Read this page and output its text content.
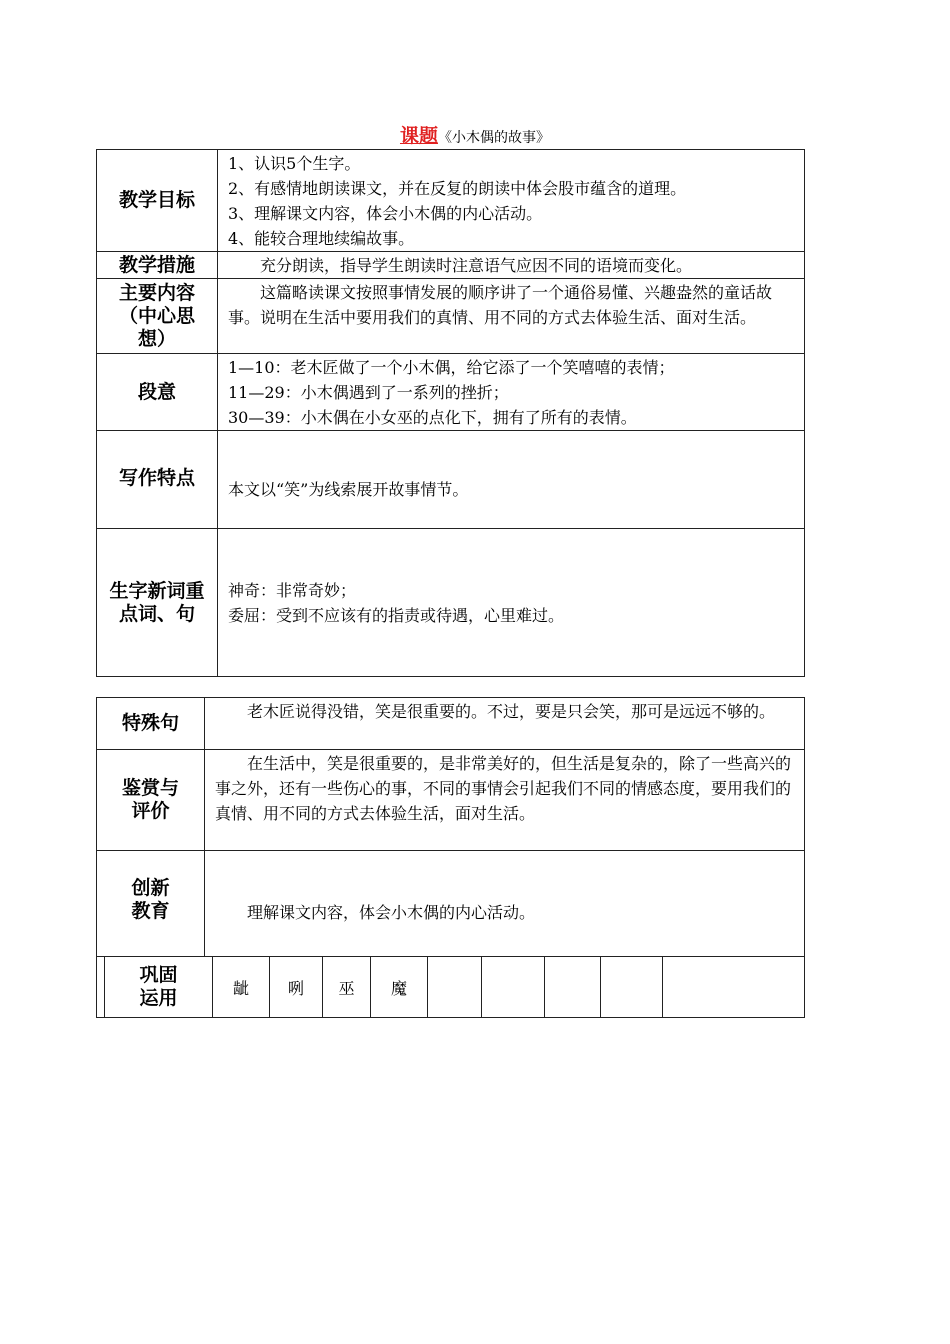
课题《小木偶的故事》
教学目标	1、认识5个生字。
2、有感情地朗读课文，并在反复的朗读中体会股市蕴含的道理。
3、理解课文内容，体会小木偶的内心活动。
4、能较合理地续编故事。

教学措施	充分朗读，指导学生朗读时注意语气应因不同的语境而变化。
主要内容（中心思想）	这篇略读课文按照事情发展的顺序讲了一个通俗易懂、兴趣盎然的童话故事。说明在生活中要用我们的真情、用不同的方式去体验生活、面对生活。
段意	1—10：老木匠做了一个小木偶，给它添了一个笑嘻嘻的表情；
11—29：小木偶遇到了一系列的挫折；
30—39：小木偶在小女巫的点化下，拥有了所有的表情。

写作特点	本文以“笑”为线索展开故事情节。
生字新词重点词、句	神奇：非常奇妙；
委屈：受到不应该有的指责或待遇，心里难过。
特殊句	老木匠说得没错，笑是很重要的。不过，要是只会笑，那可是远远不够的。
鉴赏与评价	在生活中，笑是很重要的，是非常美好的，但生活是复杂的，除了一些高兴的事之外，还有一些伤心的事，不同的事情会引起我们不同的情感态度，要用我们的真情、用不同的方式去体验生活，面对生活。
创新教育	理解课文内容，体会小木偶的内心活动。
巩固运用	龇	咧	巫	魔					
